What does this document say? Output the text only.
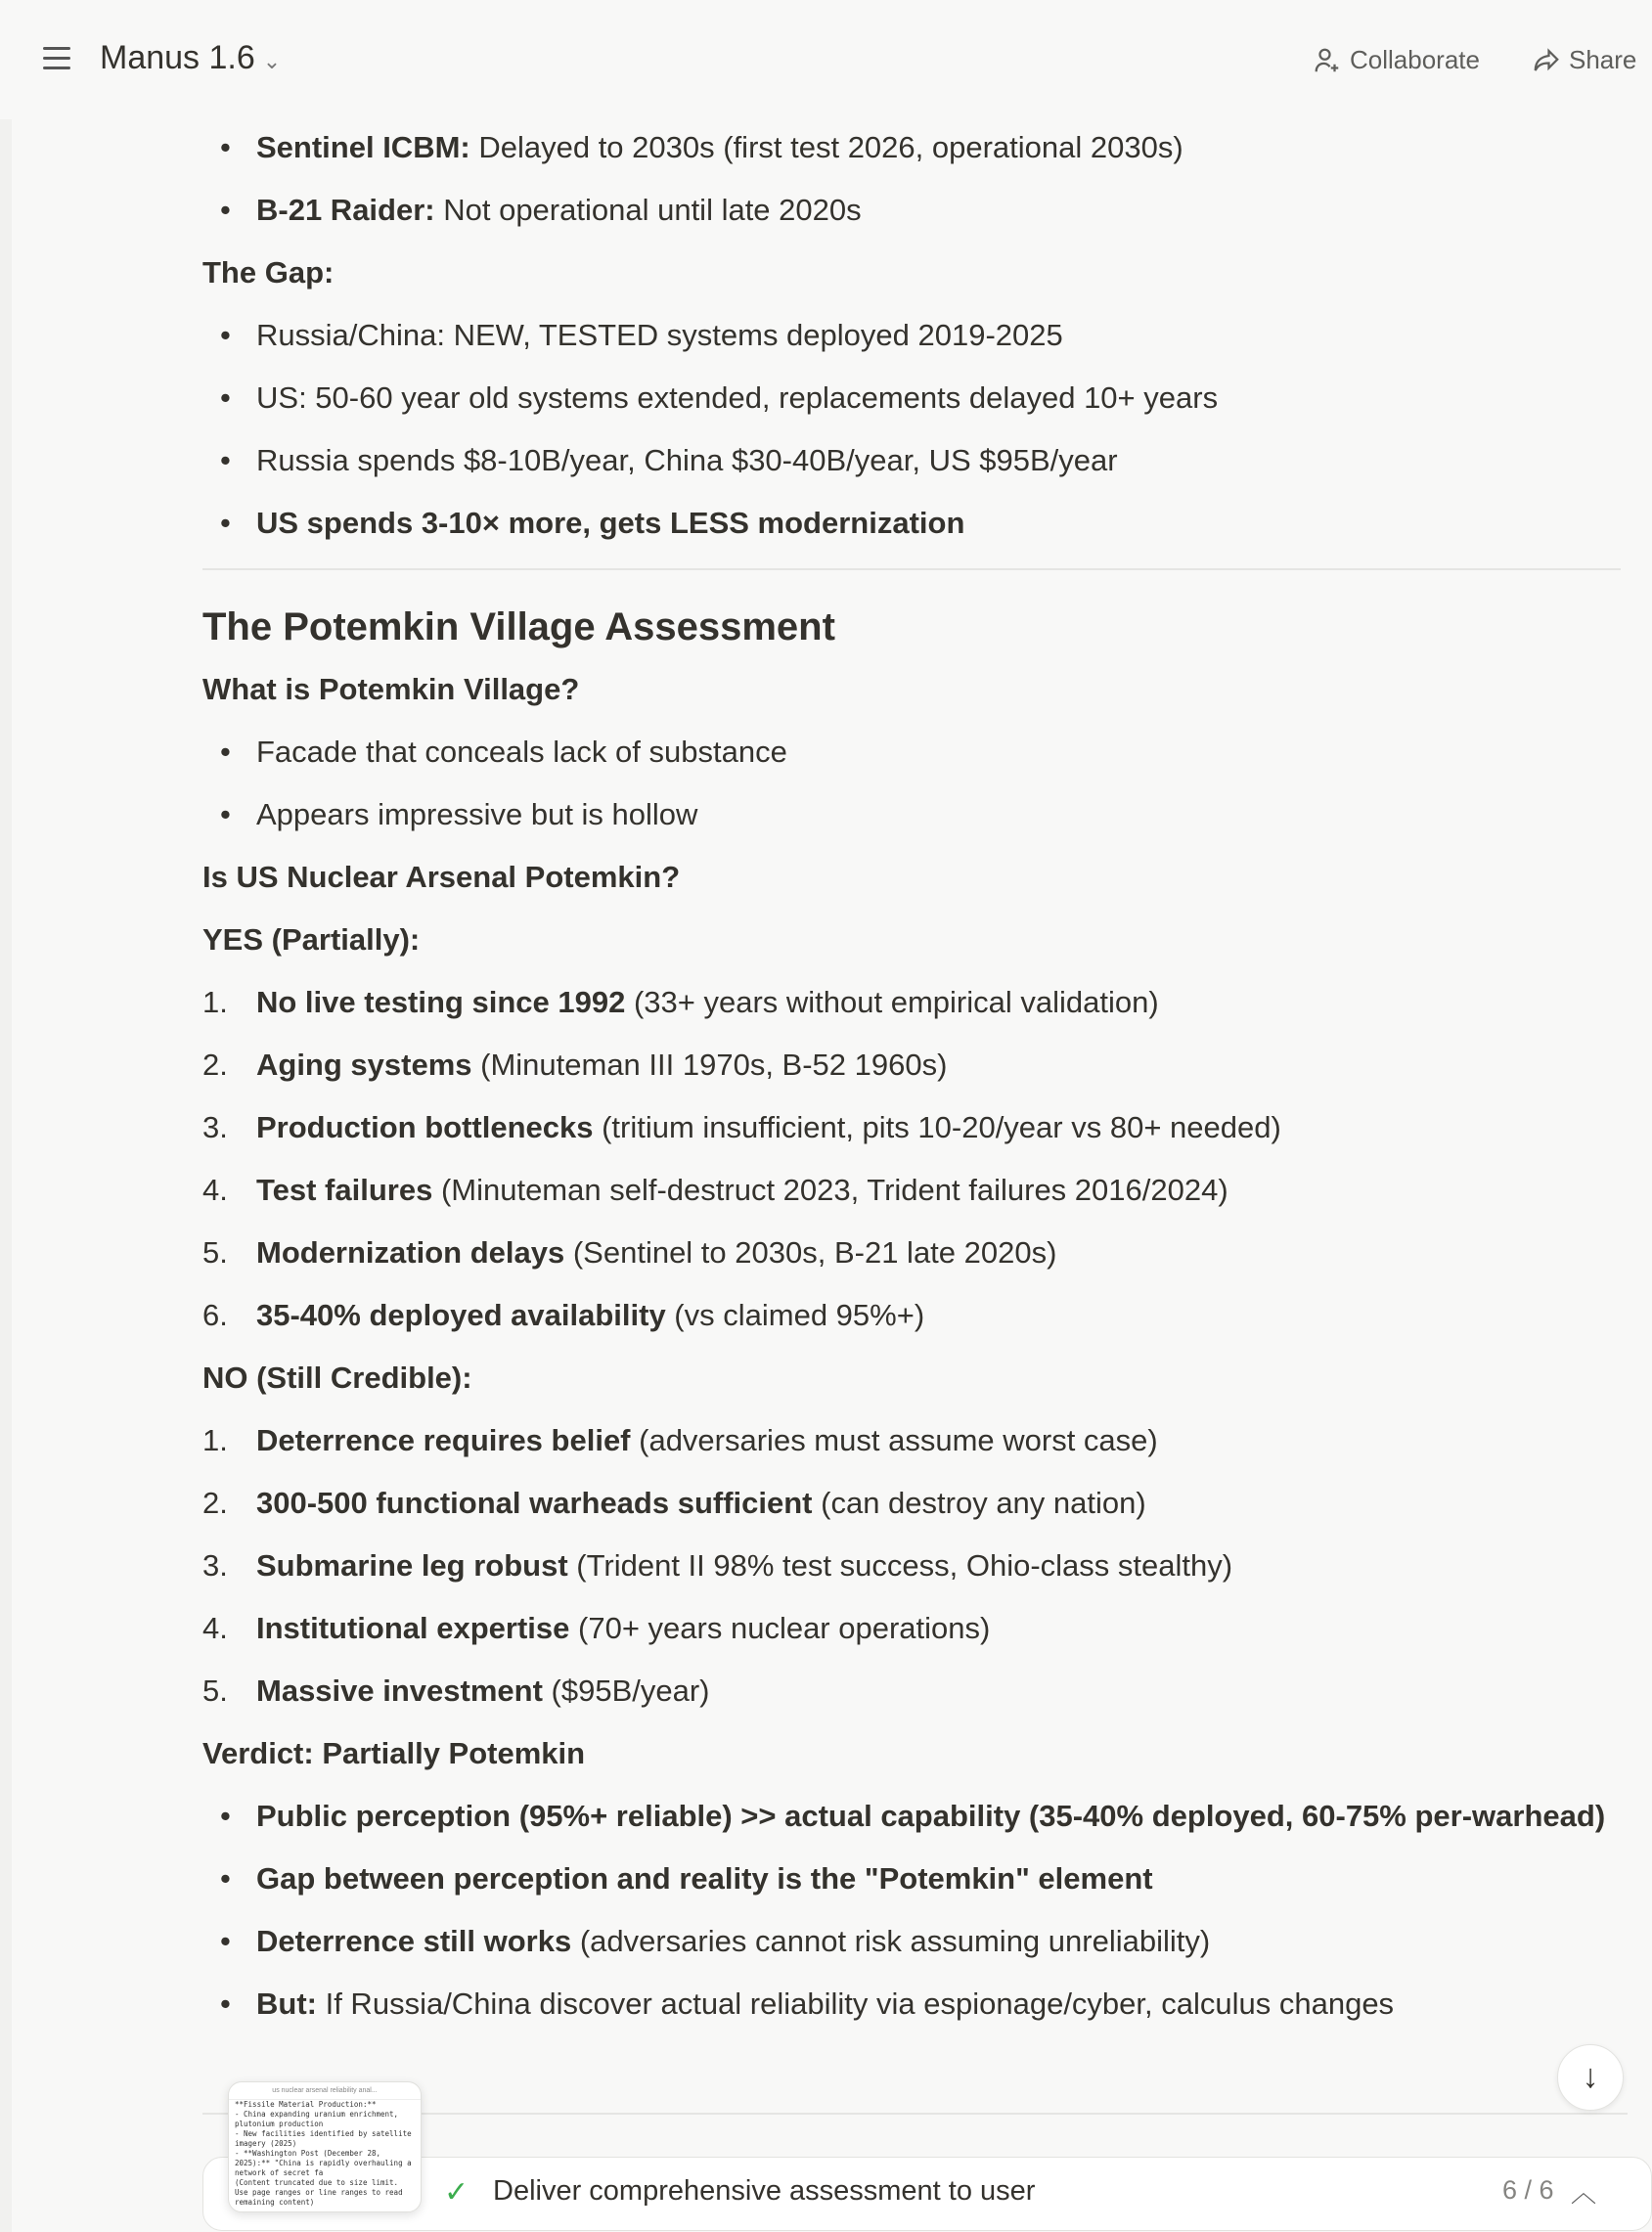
Manus 1.6 ⌄	Collaborate	Share

• Sentinel ICBM: Delayed to 2030s (first test 2026, operational 2030s)
• B-21 Raider: Not operational until late 2020s
The Gap:
• Russia/China: NEW, TESTED systems deployed 2019-2025
• US: 50-60 year old systems extended, replacements delayed 10+ years
• Russia spends $8-10B/year, China $30-40B/year, US $95B/year
• US spends 3-10× more, gets LESS modernization
The Potemkin Village Assessment
What is Potemkin Village?
• Facade that conceals lack of substance
• Appears impressive but is hollow
Is US Nuclear Arsenal Potemkin?
YES (Partially):
1. No live testing since 1992 (33+ years without empirical validation)
2. Aging systems (Minuteman III 1970s, B-52 1960s)
3. Production bottlenecks (tritium insufficient, pits 10-20/year vs 80+ needed)
4. Test failures (Minuteman self-destruct 2023, Trident failures 2016/2024)
5. Modernization delays (Sentinel to 2030s, B-21 late 2020s)
6. 35-40% deployed availability (vs claimed 95%+)
NO (Still Credible):
1. Deterrence requires belief (adversaries must assume worst case)
2. 300-500 functional warheads sufficient (can destroy any nation)
3. Submarine leg robust (Trident II 98% test success, Ohio-class stealthy)
4. Institutional expertise (70+ years nuclear operations)
5. Massive investment ($95B/year)
Verdict: Partially Potemkin
• Public perception (95%+ reliable) >> actual capability (35-40% deployed, 60-75% per-warhead)
• Gap between perception and reality is the "Potemkin" element
• Deterrence still works (adversaries cannot risk assuming unreliability)
• But: If Russia/China discover actual reliability via espionage/cyber, calculus changes
↓
us nuclear arsenal reliability anal...
**Fissile Material Production:**
- China expanding uranium enrichment, plutonium production
- New facilities identified by satellite imagery (2025)
- **Washington Post (December 28, 2025):** "China is rapidly overhauling a network of secret fa
(Content truncated due to size limit. Use page ranges or line ranges to read remaining content)	✓ Deliver comprehensive assessment to user	6 / 6 ︿
